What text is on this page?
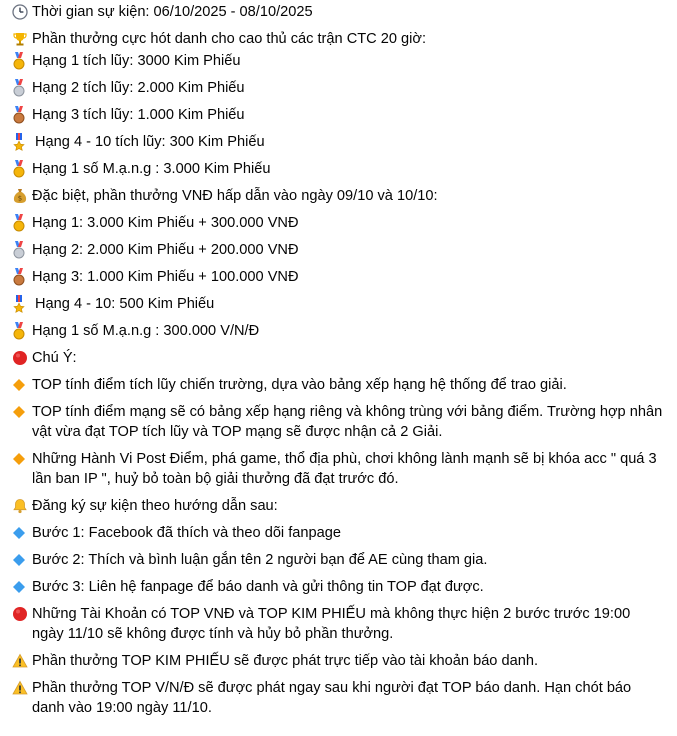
Thời gian sự kiện: 06/10/2025 - 08/10/2025
Phần thưởng cực hót danh cho cao thủ các trận CTC 20 giờ:
Hạng 1 tích lũy: 3000 Kim Phiếu
Hạng 2 tích lũy: 2.000 Kim Phiếu
Hạng 3 tích lũy: 1.000 Kim Phiếu
Hạng 4 - 10 tích lũy: 300 Kim Phiếu
Hạng 1 số M.ạ.n.g : 3.000 Kim Phiếu
$ Đặc biệt, phần thưởng VNĐ hấp dẫn vào ngày 09/10 và 10/10:
Hạng 1: 3.000 Kim Phiếu + 300.000 VNĐ
Hạng 2: 2.000 Kim Phiếu + 200.000 VNĐ
Hạng 3: 1.000 Kim Phiếu + 100.000 VNĐ
Hạng 4 - 10: 500 Kim Phiếu
Hạng 1 số M.ạ.n.g : 300.000 V/N/Đ
Chú Ý:
TOP tính điểm tích lũy chiến trường, dựa vào bảng xếp hạng hệ thống để trao giải.
TOP tính điểm mạng sẽ có bảng xếp hạng riêng và không trùng với bảng điểm. Trường hợp nhân vật vừa đạt TOP tích lũy và TOP mạng sẽ được nhận cả 2 Giải.
Những Hành Vi Post Điểm, phá game, thổ địa phù, chơi không lành mạnh sẽ bị khóa acc " quá 3 lần ban IP ", huỷ bỏ toàn bộ giải thưởng đã đạt trước đó.
Đăng ký sự kiện theo hướng dẫn sau:
Bước 1: Facebook đã thích và theo dõi fanpage
Bước 2: Thích và bình luận gắn tên 2 người bạn để AE cùng tham gia.
Bước 3: Liên hệ fanpage để báo danh và gửi thông tin TOP đạt được.
Những Tài Khoản có TOP VNĐ và TOP KIM PHIẾU mà không thực hiện 2 bước trước 19:00 ngày 11/10 sẽ không được tính và hủy bỏ phần thưởng.
Phần thưởng TOP KIM PHIẾU sẽ được phát trực tiếp vào tài khoản báo danh.
Phần thưởng TOP V/N/Đ sẽ được phát ngay sau khi người đạt TOP báo danh. Hạn chót báo danh vào 19:00 ngày 11/10.
